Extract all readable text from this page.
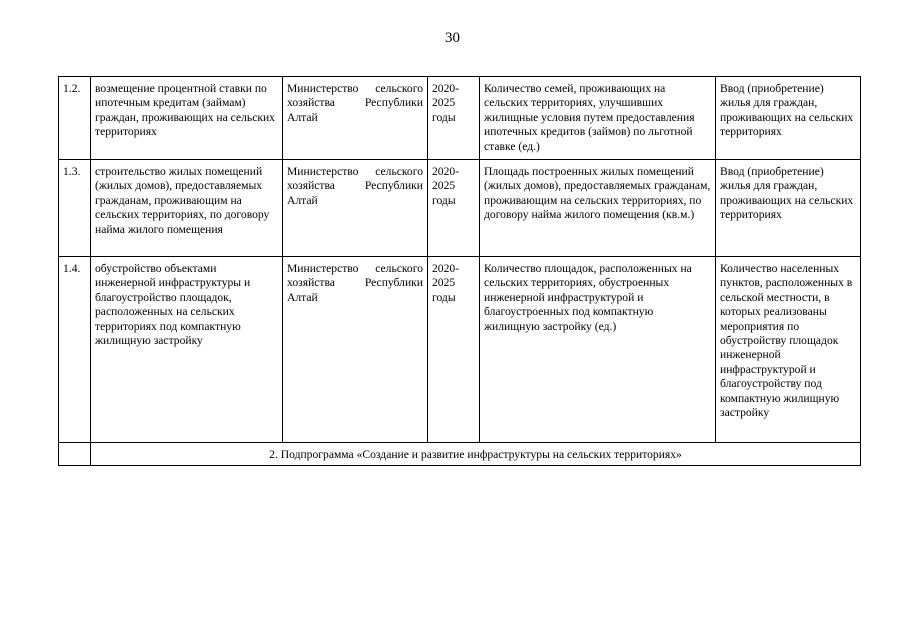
30
1.2.	возмещение процентной ставки по ипотечным кредитам (займам) граждан, проживающих на сельских территориях	Министерство сельского хозяйства Республики Алтай	2020-2025 годы	Количество семей, проживающих на сельских территориях, улучшивших жилищные условия путем предоставления ипотечных кредитов (займов) по льготной ставке (ед.)	Ввод (приобретение) жилья для граждан, проживающих на сельских территориях
1.3.	строительство жилых помещений (жилых домов), предоставляемых гражданам, проживающим на сельских территориях, по договору найма жилого помещения	Министерство сельского хозяйства Республики Алтай	2020-2025 годы	Площадь построенных жилых помещений (жилых домов), предоставляемых гражданам, проживающим на сельских территориях, по договору найма жилого помещения (кв.м.)	Ввод (приобретение) жилья для граждан, проживающих на сельских территориях
1.4.	обустройство объектами инженерной инфраструктуры и благоустройство площадок, расположенных на сельских территориях под компактную жилищную застройку	Министерство сельского хозяйства Республики Алтай	2020-2025 годы	Количество площадок, расположенных на сельских территориях, обустроенных инженерной инфраструктурой и благоустроенных под компактную жилищную застройку (ед.)	Количество населенных пунктов, расположенных в сельской местности, в которых реализованы мероприятия по обустройству площадок инженерной инфраструктурой и благоустройству под компактную жилищную застройку
	2. Подпрограмма «Создание и развитие инфраструктуры на сельских территориях»				
